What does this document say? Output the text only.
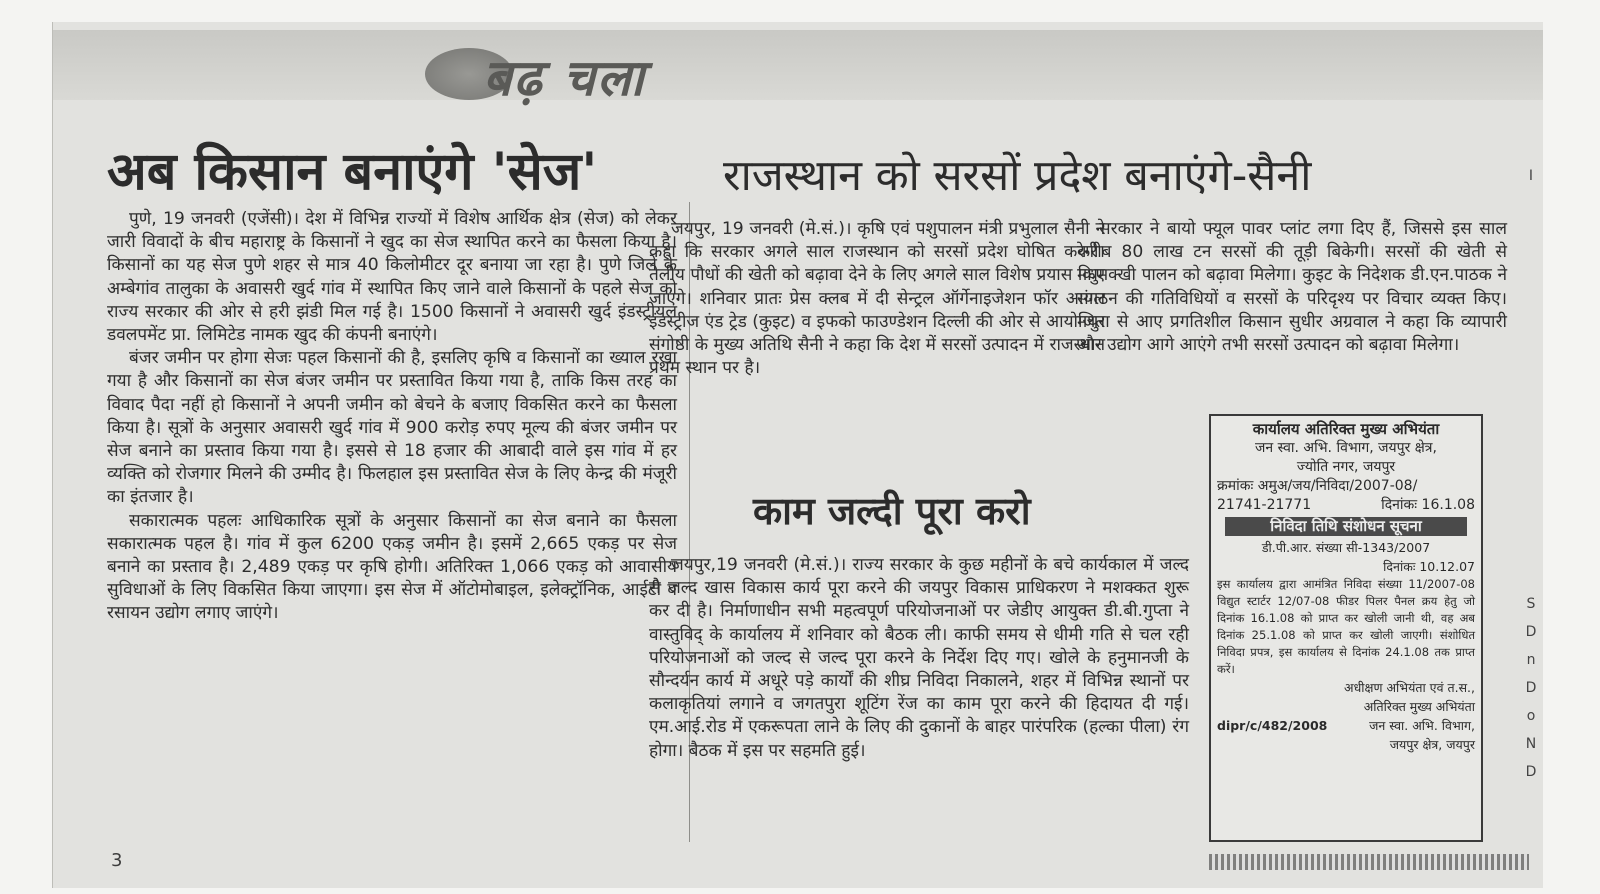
बढ़ चला
अब किसान बनाएंगे 'सेज'	राजस्थान को सरसों प्रदेश बनाएंगे-सैनी

पुणे, 19 जनवरी (एजेंसी)। देश में विभिन्न राज्यों में विशेष आर्थिक क्षेत्र (सेज) को लेकर जारी विवादों के बीच महाराष्ट्र के किसानों ने खुद का सेज स्थापित करने का फैसला किया है। किसानों का यह सेज पुणे शहर से मात्र 40 किलोमीटर दूर बनाया जा रहा है। पुणे जिले के अम्बेगांव तालुका के अवासरी खुर्द गांव में स्थापित किए जाने वाले किसानों के पहले सेज को राज्य सरकार की ओर से हरी झंडी मिल गई है। 1500 किसानों ने अवासरी खुर्द इंडस्ट्रीयल डवलपमेंट प्रा. लिमिटेड नामक खुद की कंपनी बनाएंगे।

बंजर जमीन पर होगा सेजः पहल किसानों की है, इसलिए कृषि व किसानों का ख्याल रखा गया है और किसानों का सेज बंजर जमीन पर प्रस्तावित किया गया है, ताकि किस तरह का विवाद पैदा नहीं हो किसानों ने अपनी जमीन को बेचने के बजाए विकसित करने का फैसला किया है। सूत्रों के अनुसार अवासरी खुर्द गांव में 900 करोड़ रुपए मूल्य की बंजर जमीन पर सेज बनाने का प्रस्ताव किया गया है। इससे से 18 हजार की आबादी वाले इस गांव में हर व्यक्ति को रोजगार मिलने की उम्मीद है। फिलहाल इस प्रस्तावित सेज के लिए केन्द्र की मंजूरी का इंतजार है।

सकारात्मक पहलः आधिकारिक सूत्रों के अनुसार किसानों का सेज बनाने का फैसला सकारात्मक पहल है। गांव में कुल 6200 एकड़ जमीन है। इसमें 2,665 एकड़ पर सेज बनाने का प्रस्ताव है। 2,489 एकड़ पर कृषि होगी। अतिरिक्त 1,066 एकड़ को आवासीय सुविधाओं के लिए विकसित किया जाएगा। इस सेज में ऑटोमोबाइल, इलेक्ट्रॉनिक, आईटी व रसायन उद्योग लगाए जाएंगे।

जयपुर, 19 जनवरी (मे.सं.)। कृषि एवं पशुपालन मंत्री प्रभुलाल सैनी ने कहा कि सरकार अगले साल राजस्थान को सरसों प्रदेश घोषित करेगी। तेलीय पौधों की खेती को बढ़ावा देने के लिए अगले साल विशेष प्रयास किए जाएंगे। शनिवार प्रातः प्रेस क्लब में दी सेन्ट्रल ऑर्गेनाइजेशन फॉर आयल इंडस्ट्रीज एंड ट्रेड (कुइट) व इफको फाउण्डेशन दिल्ली की ओर से आयोजित संगोष्ठी के मुख्य अतिथि सैनी ने कहा कि देश में सरसों उत्पादन में राजस्थान प्रथम स्थान पर है।

सरकार ने बायो फ्यूल पावर प्लांट लगा दिए हैं, जिससे इस साल करीब 80 लाख टन सरसों की तूड़ी बिकेगी। सरसों की खेती से मधुमक्खी पालन को बढ़ावा मिलेगा। कुइट के निदेशक डी.एन.पाठक ने संगठन की गतिविधियों व सरसों के परिदृश्य पर विचार व्यक्त किए। मथुरा से आए प्रगतिशील किसान सुधीर अग्रवाल ने कहा कि व्यापारी और उद्योग आगे आएंगे तभी सरसों उत्पादन को बढ़ावा मिलेगा।

काम जल्दी पूरा करो

जयपुर,19 जनवरी (मे.सं.)। राज्य सरकार के कुछ महीनों के बचे कार्यकाल में जल्द से जल्द खास विकास कार्य पूरा करने की जयपुर विकास प्राधिकरण ने मशक्कत शुरू कर दी है। निर्माणाधीन सभी महत्वपूर्ण परियोजनाओं पर जेडीए आयुक्त डी.बी.गुप्ता ने वास्तुविद् के कार्यालय में शनिवार को बैठक ली। काफी समय से धीमी गति से चल रही परियोजनाओं को जल्द से जल्द पूरा करने के निर्देश दिए गए। खोले के हनुमानजी के सौन्दर्यन कार्य में अधूरे पड़े कार्यों की शीघ्र निविदा निकालने, शहर में विभिन्न स्थानों पर कलाकृतियां लगाने व जगतपुरा शूटिंग रेंज का काम पूरा करने की हिदायत दी गई। एम.आई.रोड में एकरूपता लाने के लिए की दुकानों के बाहर पारंपरिक (हल्का पीला) रंग होगा। बैठक में इस पर सहमति हुई।

कार्यालय अतिरिक्त मुख्य अभियंता
जन स्वा. अभि. विभाग, जयपुर क्षेत्र,
ज्योति नगर, जयपुर
क्रमांकः अमुअ/जय/निविदा/2007-08/
21741-21771	दिनांकः 16.1.08
निविदा तिथि संशोधन सूचना
डी.पी.आर. संख्या सी-1343/2007
दिनांकः 10.12.07
इस कार्यालय द्वारा आमंत्रित निविदा संख्या 11/2007-08 विद्युत स्टार्टर 12/07-08 फीडर पिलर पैनल क्रय हेतु जो दिनांक 16.1.08 को प्राप्त कर खोली जानी थी, वह अब दिनांक 25.1.08 को प्राप्त कर खोली जाएगी। संशोधित निविदा प्रपत्र, इस कार्यालय से दिनांक 24.1.08 तक प्राप्त करें।
अधीक्षण अभियंता एवं त.स.,
अतिरिक्त मुख्य अभियंता
dipr/c/482/2008	जन स्वा. अभि. विभाग,
जयपुर क्षेत्र, जयपुर
3
I
S
D
n
D
o
N
D
